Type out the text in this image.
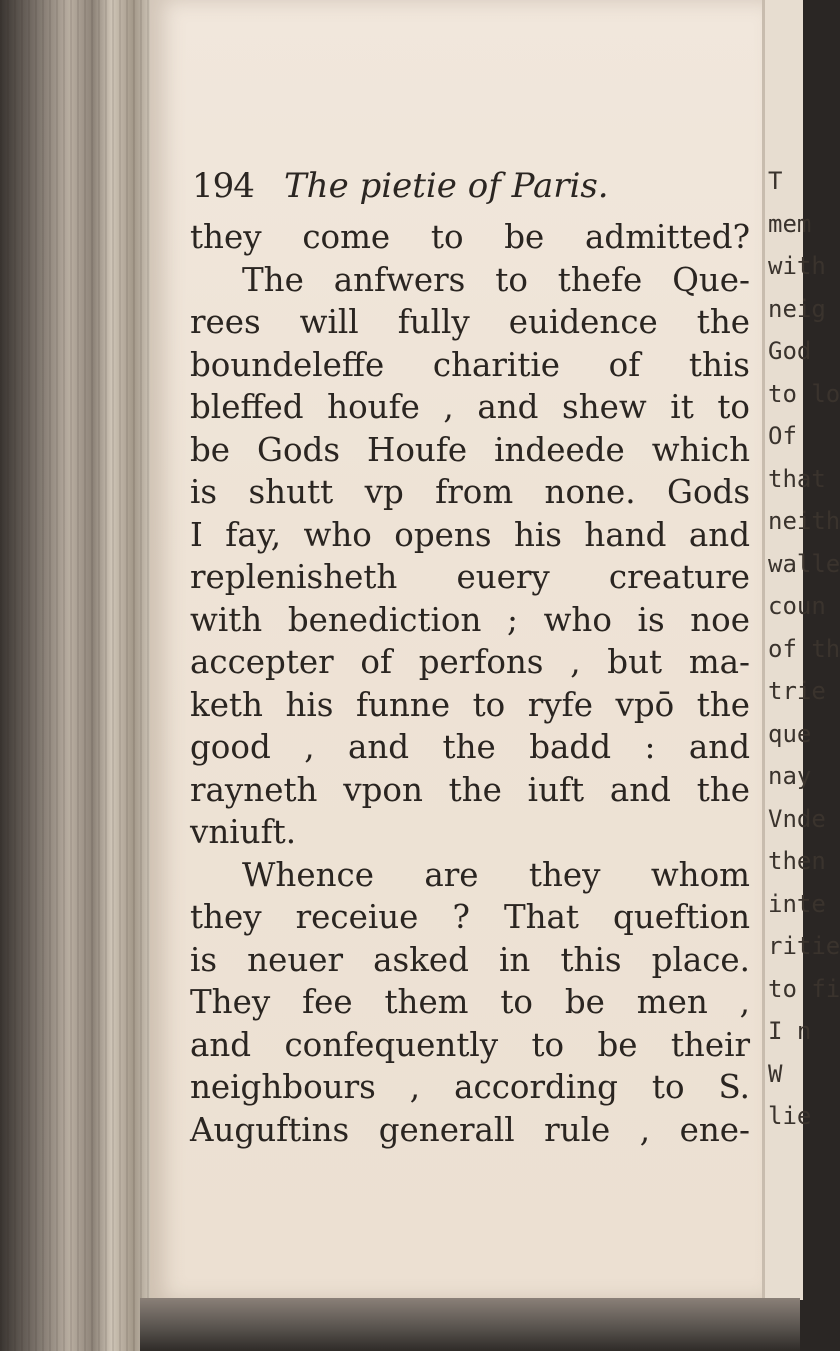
194 The pietie of Paris.
they come to be admitted?
The anfwers to thefe Que-
rees will fully euidence the
boundeleffe charitie of this
bleffed houfe , and shew it to
be Gods Houfe indeede which
is shutt vp from none. Gods
I fay, who opens his hand and
replenisheth euery creature
with benediction ; who is noe
accepter of perfons , but ma-
keth his funne to ryfe vpō the
good , and the badd : and
rayneth vpon the iuft and the
vniuft.
Whence are they whom
they receiue ? That queftion
is neuer asked in this place.
They fee them to be men ,
and confequently to be their
neighbours , according to S.
Auguftins generall rule , ene-
T
mem
with
neig
God
to lo
Of
that
neith
walle
coun
of th
trie
que
nay
Vnde
then
inte
ritie
to fi
I n
W
lie
